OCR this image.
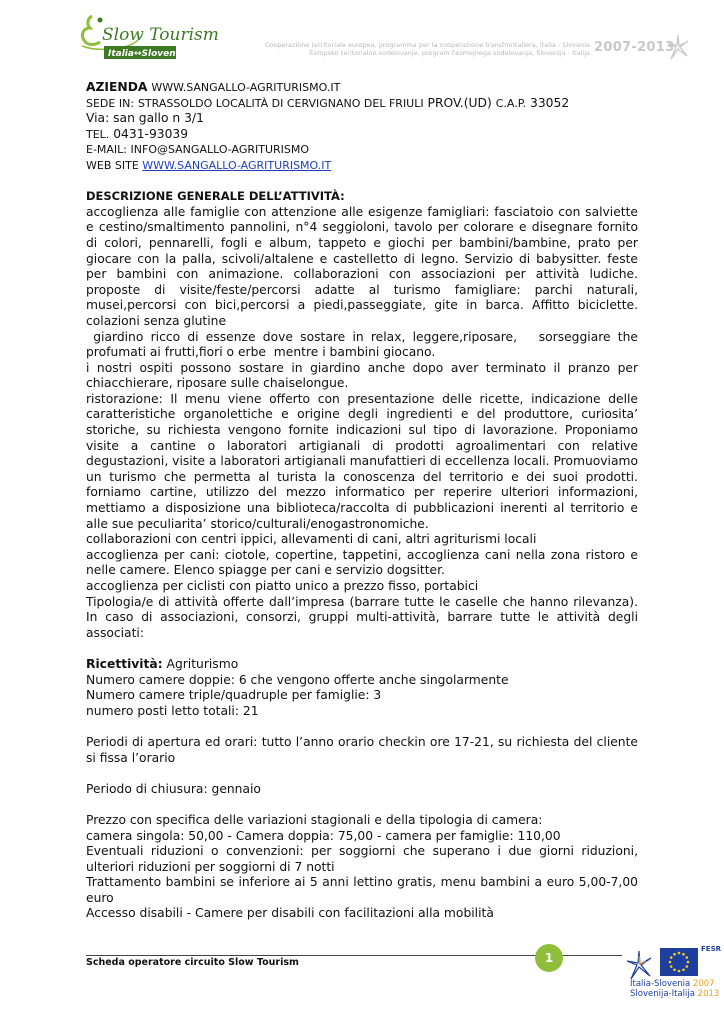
Slow Tourism
Italia↔Slovenija
Cooperazione territoriale europea, programma per la cooperazione transfrontaliera, Italia - Slovenia
Evropsko teritorialno sodelovanje, program čezmejnega sodelovanja, Slovenija - Italija 2007-2013

AZIENDA WWW.SANGALLO-AGRITURISMO.IT

SEDE IN: STRASSOLDO LOCALITÀ DI CERVIGNANO DEL FRIULI PROV.(UD) C.A.P. 33052

Via: san gallo n 3/1

TEL. 0431-93039

E-MAIL: INFO@SANGALLO-AGRITURISMO

WEB SITE WWW.SANGALLO-AGRITURISMO.IT

DESCRIZIONE GENERALE DELL’ATTIVITÀ:

accoglienza alle famiglie con attenzione alle esigenze famigliari: fasciatoio con salviette e cestino/smaltimento pannolini, n°4 seggioloni, tavolo per colorare e disegnare fornito di colori, pennarelli, fogli e album, tappeto e giochi per bambini/bambine, prato per giocare con la palla, scivoli/altalene e castelletto di legno. Servizio di babysitter. feste per bambini con animazione. collaborazioni con associazioni per attività ludiche. proposte di visite/feste/percorsi adatte al turismo famigliare: parchi naturali, musei,percorsi con bici,percorsi a piedi,passeggiate, gite in barca. Affitto biciclette. colazioni senza glutine

giardino ricco di essenze dove sostare in relax, leggere,riposare,   sorseggiare the profumati ai frutti,fiori o erbe  mentre i bambini giocano.

i nostri ospiti possono sostare in giardino anche dopo aver terminato il pranzo per chiacchierare, riposare sulle chaiselongue.

ristorazione: Il menu viene offerto con presentazione delle ricette, indicazione delle caratteristiche organolettiche e origine degli ingredienti e del produttore, curiosita’ storiche, su richiesta vengono fornite indicazioni sul tipo di lavorazione. Proponiamo visite a cantine o laboratori artigianali di prodotti agroalimentari con relative degustazioni, visite a laboratori artigianali manufattieri di eccellenza locali. Promuoviamo un turismo che permetta al turista la conoscenza del territorio e dei suoi prodotti. forniamo cartine, utilizzo del mezzo informatico per reperire ulteriori informazioni, mettiamo a disposizione una biblioteca/raccolta di pubblicazioni inerenti al territorio e alle sue peculiarita’ storico/culturali/enogastronomiche.

collaborazioni con centri ippici, allevamenti di cani, altri agriturismi locali

accoglienza per cani: ciotole, copertine, tappetini, accoglienza cani nella zona ristoro e nelle camere. Elenco spiagge per cani e servizio dogsitter.

accoglienza per ciclisti con piatto unico a prezzo fisso, portabici

Tipologia/e di attività offerte dall’impresa (barrare tutte le caselle che hanno rilevanza). In caso di associazioni, consorzi, gruppi multi-attività, barrare tutte le attività degli associati:

Ricettività: Agriturismo

Numero camere doppie: 6 che vengono offerte anche singolarmente

Numero camere triple/quadruple per famiglie: 3

numero posti letto totali: 21

Periodi di apertura ed orari: tutto l’anno orario checkin ore 17-21, su richiesta del cliente si fissa l’orario

Periodo di chiusura: gennaio

Prezzo con specifica delle variazioni stagionali e della tipologia di camera:

camera singola: 50,00 - Camera doppia: 75,00 - camera per famiglie: 110,00

Eventuali riduzioni o convenzioni: per soggiorni che superano i due giorni riduzioni, ulteriori riduzioni per soggiorni di 7 notti

Trattamento bambini se inferiore ai 5 anni lettino gratis, menu bambini a euro 5,00-7,00 euro

Accesso disabili - Camere per disabili con facilitazioni alla mobilità

Scheda operatore circuito Slow Tourism	1
FESR
Italia-Slovenia 2007
Slovenija-Italija 2013
